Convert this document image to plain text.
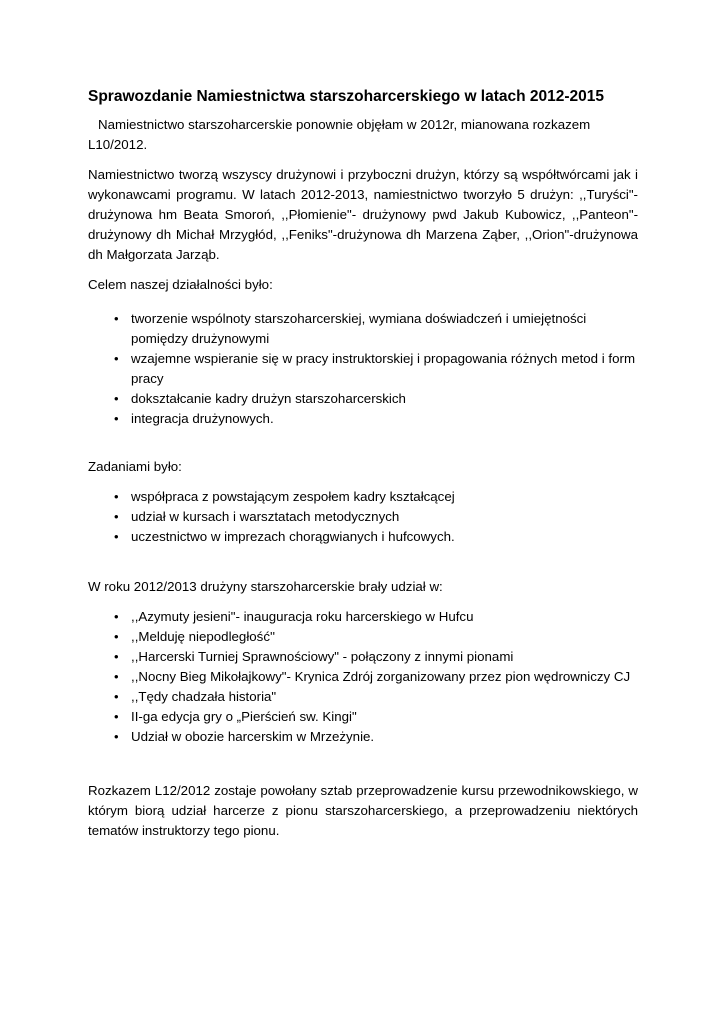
Sprawozdanie Namiestnictwa starszoharcerskiego w latach 2012-2015

Namiestnictwo starszoharcerskie ponownie objęłam w 2012r, mianowana rozkazem L10/2012.

Namiestnictwo tworzą wszyscy drużynowi i przyboczni drużyn, którzy są współtwórcami jak i wykonawcami programu. W latach 2012-2013, namiestnictwo tworzyło 5 drużyn: ,,Turyści"- drużynowa hm Beata Smoroń, ,,Płomienie"- drużynowy pwd Jakub Kubowicz, ,,Panteon"- drużynowy dh Michał Mrzygłód, ,,Feniks"-drużynowa dh Marzena Ząber, ,,Orion"-drużynowa dh Małgorzata Jarząb.

Celem naszej działalności było:

• tworzenie wspólnoty starszoharcerskiej, wymiana doświadczeń i umiejętności pomiędzy drużynowymi
• wzajemne wspieranie się w pracy instruktorskiej i propagowania różnych metod i form pracy
• dokształcanie kadry drużyn starszoharcerskich
• integracja drużynowych.

Zadaniami było:

• współpraca z powstającym zespołem kadry kształcącej
• udział w kursach i warsztatach metodycznych
• uczestnictwo w imprezach chorągwianych i hufcowych.

W roku 2012/2013 drużyny starszoharcerskie brały udział w:

• ,,Azymuty jesieni"- inauguracja roku harcerskiego w Hufcu
• ,,Melduję niepodległość''
• ,,Harcerski Turniej Sprawnościowy" - połączony z innymi pionami
• ,,Nocny Bieg Mikołajkowy"- Krynica Zdrój zorganizowany przez pion wędrowniczy CJ
• ,,Tędy chadzała historia"
• II-ga edycja gry o „Pierścień sw. Kingi"
• Udział w obozie harcerskim w Mrzeżynie.

Rozkazem L12/2012 zostaje powołany sztab przeprowadzenie kursu przewodnikowskiego, w którym biorą udział harcerze z pionu starszoharcerskiego, a przeprowadzeniu niektórych tematów instruktorzy tego pionu.
